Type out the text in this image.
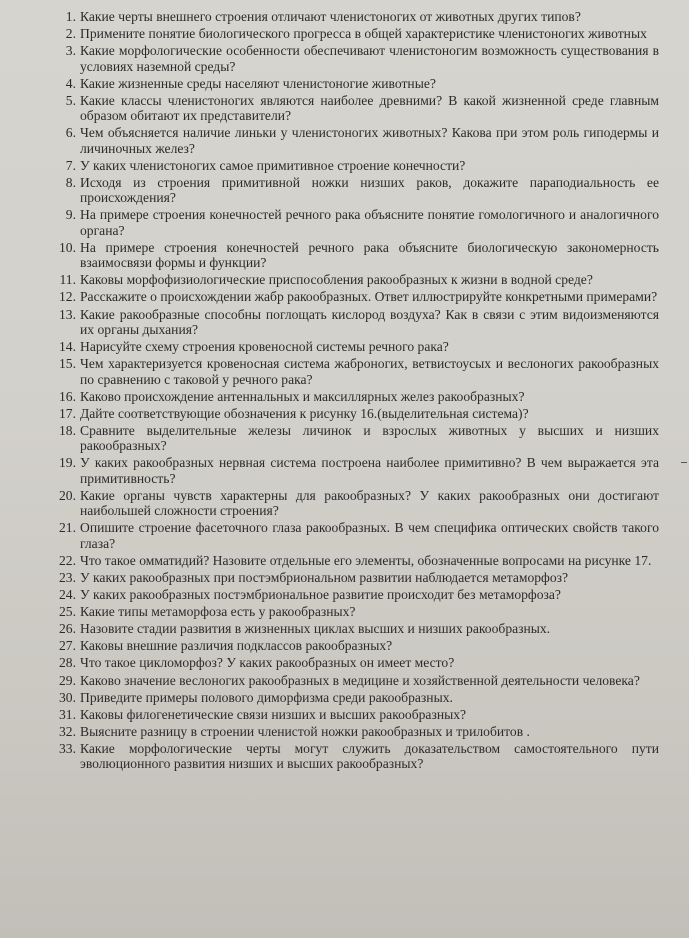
1. Какие черты внешнего строения отличают членистоногих от животных других типов?
2. Примените понятие биологического прогресса в общей характеристике членистоногих животных
3. Какие морфологические особенности обеспечивают членистоногим возможность существования в условиях наземной среды?
4. Какие жизненные среды населяют членистоногие животные?
5. Какие классы членистоногих являются наиболее древними? В какой жизненной среде главным образом обитают их представители?
6. Чем объясняется наличие линьки у членистоногих животных? Какова при этом роль гиподермы и личиночных желез?
7. У каких членистоногих самое примитивное строение конечности?
8. Исходя из строения примитивной ножки низших раков, докажите параподиальность ее происхождения?
9. На примере строения конечностей речного рака объясните понятие гомологичного и аналогичного органа?
10. На примере строения конечностей речного рака объясните биологическую закономерность взаимосвязи формы и функции?
11. Каковы морфофизиологические приспособления ракообразных к жизни в водной среде?
12. Расскажите о происхождении жабр ракообразных. Ответ иллюстрируйте конкретными примерами?
13. Какие ракообразные способны поглощать кислород воздуха? Как в связи с этим видоизменяются их органы дыхания?
14. Нарисуйте схему строения кровеносной системы речного рака?
15. Чем характеризуется кровеносная система жаброногих, ветвистоусых и веслоногих ракообразных по сравнению с таковой у речного рака?
16. Каково происхождение антеннальных и максиллярных желез ракообразных?
17. Дайте соответствующие обозначения к рисунку 16.(выделительная система)?
18. Сравните выделительные железы личинок и взрослых животных у высших и низших ракообразных?
19. У каких ракообразных нервная система построена наиболее примитивно? В чем выражается эта примитивность?
20. Какие органы чувств характерны для ракообразных? У каких ракообразных они достигают наибольшей сложности строения?
21. Опишите строение фасеточного глаза ракообразных. В чем специфика оптических свойств такого глаза?
22. Что такое омматидий? Назовите отдельные его элементы, обозначенные вопросами на рисунке 17.
23. У каких ракообразных при постэмбриональном развитии наблюдается метаморфоз?
24. У каких ракообразных постэмбриональное развитие происходит без метаморфоза?
25. Какие типы метаморфоза есть у ракообразных?
26. Назовите стадии развития в жизненных циклах высших и низших ракообразных.
27. Каковы внешние различия подклассов ракообразных?
28. Что такое цикломорфоз? У каких ракообразных он имеет место?
29. Каково значение веслоногих ракообразных в медицине и хозяйственной деятельности человека?
30. Приведите примеры полового диморфизма среди ракообразных.
31. Каковы филогенетические связи низших и высших ракообразных?
32. Выясните разницу в строении членистой ножки ракообразных и трилобитов .
33. Какие морфологические черты могут служить доказательством самостоятельного пути эволюционного развития низших и высших ракообразных?
